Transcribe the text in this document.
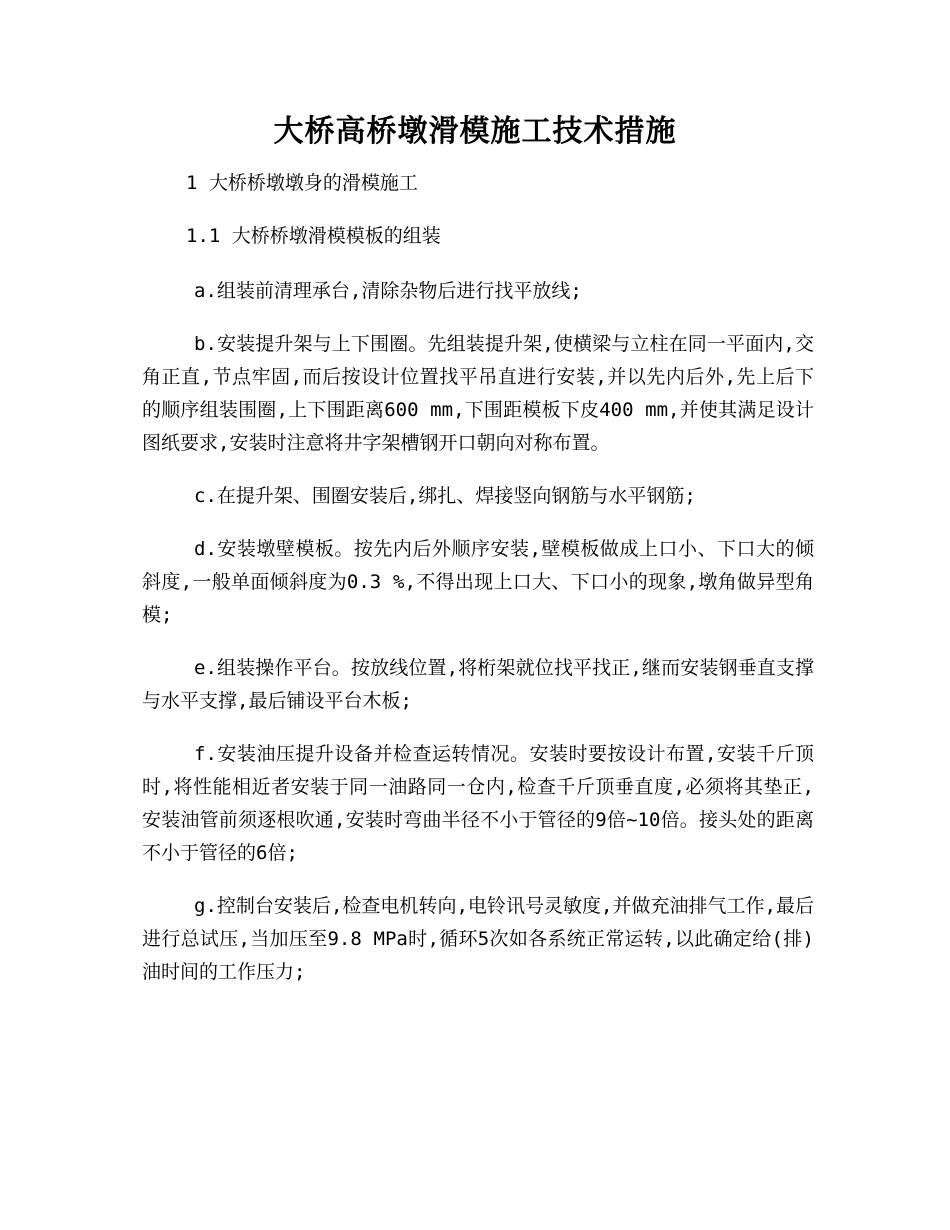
大桥高桥墩滑模施工技术措施
1 大桥桥墩墩身的滑模施工
1.1 大桥桥墩滑模模板的组装

a.组装前清理承台,清除杂物后进行找平放线;

b.安装提升架与上下围圈。先组装提升架,使横梁与立柱在同一平面内,交角正直,节点牢固,而后按设计位置找平吊直进行安装,并以先内后外,先上后下的顺序组装围圈,上下围距离600 mm,下围距模板下皮400 mm,并使其满足设计图纸要求,安装时注意将井字架槽钢开口朝向对称布置。

c.在提升架、围圈安装后,绑扎、焊接竖向钢筋与水平钢筋;

d.安装墩壁模板。按先内后外顺序安装,壁模板做成上口小、下口大的倾斜度,一般单面倾斜度为0.3 %,不得出现上口大、下口小的现象,墩角做异型角模;

e.组装操作平台。按放线位置,将桁架就位找平找正,继而安装钢垂直支撑与水平支撑,最后铺设平台木板;

f.安装油压提升设备并检查运转情况。安装时要按设计布置,安装千斤顶时,将性能相近者安装于同一油路同一仓内,检查千斤顶垂直度,必须将其垫正,安装油管前须逐根吹通,安装时弯曲半径不小于管径的9倍~10倍。接头处的距离不小于管径的6倍;

g.控制台安装后,检查电机转向,电铃讯号灵敏度,并做充油排气工作,最后进行总试压,当加压至9.8 MPa时,循环5次如各系统正常运转,以此确定给(排)油时间的工作压力;
